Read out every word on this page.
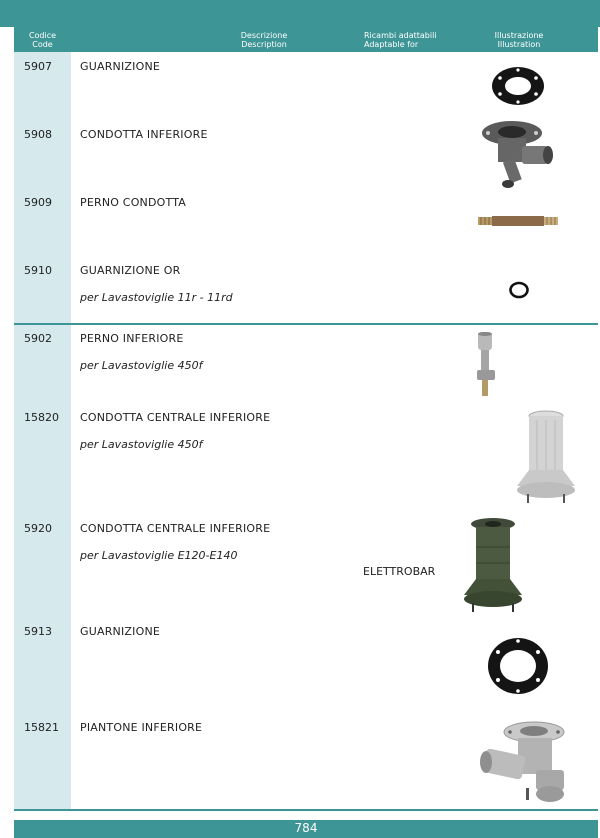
Codice
Code
Descrizione
Description
Ricambi adattabili
Adaptable for
Illustrazione
Illustration
5907	GUARNIZIONE
5908	CONDOTTA INFERIORE
5909	PERNO CONDOTTA
5910	GUARNIZIONE OR
per Lavastoviglie 11r - 11rd
5902	PERNO INFERIORE
per Lavastoviglie 450f
15820 CONDOTTA CENTRALE INFERIORE
per Lavastoviglie 450f
5920	CONDOTTA CENTRALE INFERIORE
per Lavastoviglie E120-E140
ELETTROBAR
5913	GUARNIZIONE
15821 PIANTONE INFERIORE
784
